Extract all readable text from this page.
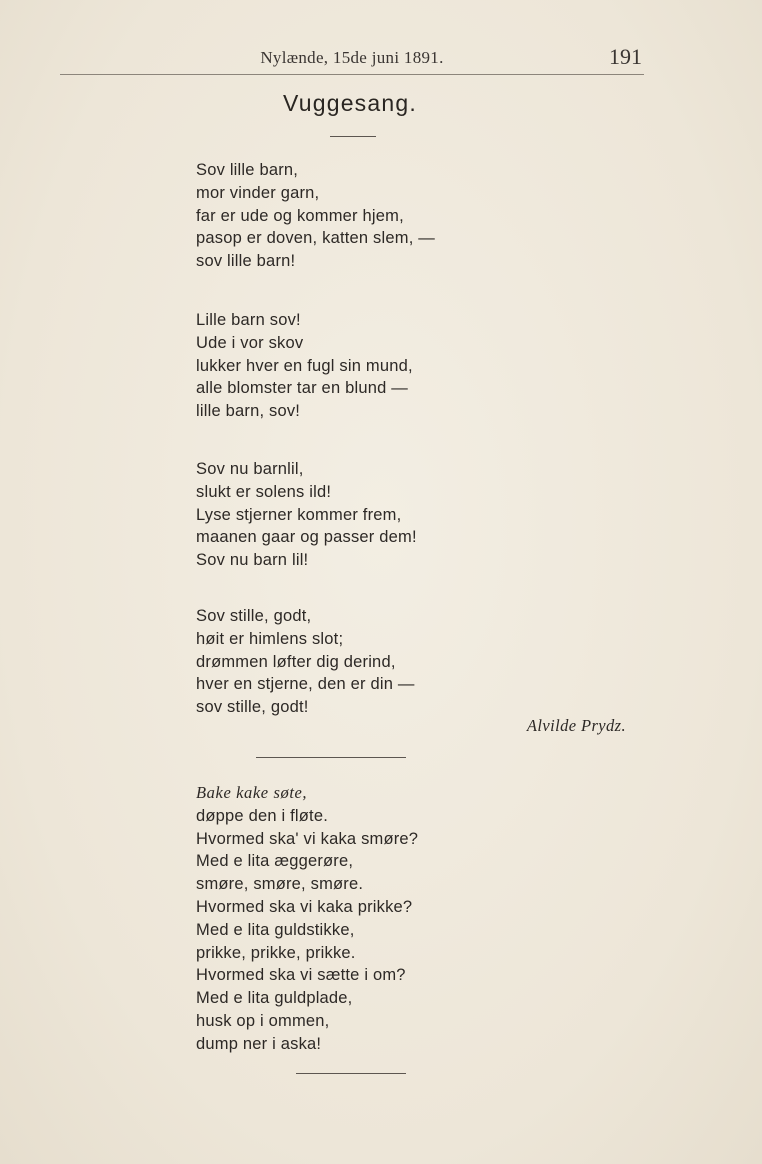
Nylænde, 15de juni 1891.	191
Vuggesang.
Sov lille barn,
mor vinder garn,
far er ude og kommer hjem,
pasop er doven, katten slem, —
sov lille barn!
Lille barn sov!
Ude i vor skov
lukker hver en fugl sin mund,
alle blomster tar en blund —
lille barn, sov!
Sov nu barnlil,
slukt er solens ild!
Lyse stjerner kommer frem,
maanen gaar og passer dem!
Sov nu barn lil!
Sov stille, godt,
høit er himlens slot;
drømmen løfter dig derind,
hver en stjerne, den er din —
sov stille, godt!
Alvilde Prydz.
Bake kake søte,
døppe den i fløte.
Hvormed ska' vi kaka smøre?
Med e lita æggerøre,
smøre, smøre, smøre.
Hvormed ska vi kaka prikke?
Med e lita guldstikke,
prikke, prikke, prikke.
Hvormed ska vi sætte i om?
Med e lita guldplade,
husk op i ommen,
dump ner i aska!
